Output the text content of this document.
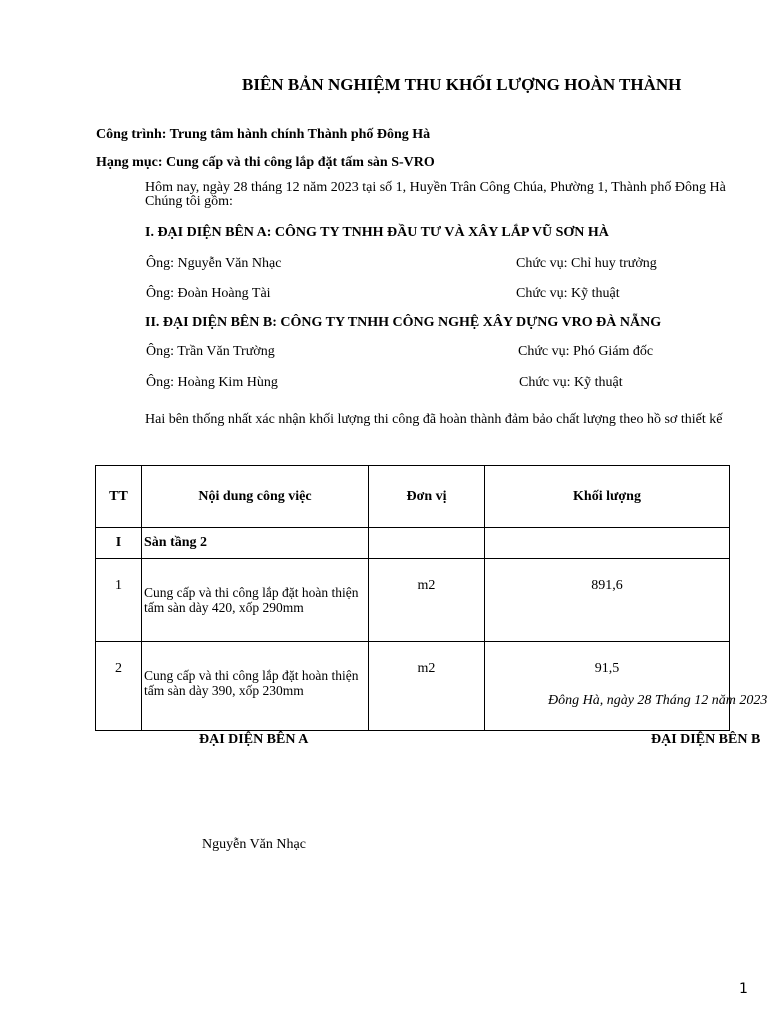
BIÊN BẢN NGHIỆM THU KHỐI LƯỢNG HOÀN THÀNH
Công trình: Trung tâm hành chính Thành phố Đông Hà
Hạng mục: Cung cấp và thi công lắp đặt tấm sàn S-VRO
Hôm nay, ngày 28 tháng 12 năm 2023 tại số 1, Huyền Trân Công Chúa, Phường 1, Thành phố Đông Hà
Chúng tôi gồm:
I. ĐẠI DIỆN BÊN A: CÔNG TY TNHH ĐẦU TƯ VÀ XÂY LẮP VŨ SƠN HÀ
Ông: Nguyễn Văn Nhạc	Chức vụ: Chỉ huy trưởng
Ông: Đoàn Hoàng Tài	Chức vụ: Kỹ thuật
II. ĐẠI DIỆN BÊN B: CÔNG TY TNHH CÔNG NGHỆ XÂY DỰNG VRO ĐÀ NẴNG
Ông: Trần Văn Trường	Chức vụ: Phó Giám đốc
Ông: Hoàng Kim Hùng	Chức vụ: Kỹ thuật
Hai bên thống nhất xác nhận khối lượng thi công đã hoàn thành đảm bảo chất lượng theo hồ sơ thiết kế
TT	Nội dung công việc	Đơn vị	Khối lượng
I	Sàn tầng 2		
1	Cung cấp và thi công lắp đặt hoàn thiện tấm sàn dày 420, xốp 290mm	m2	891,6
2	Cung cấp và thi công lắp đặt hoàn thiện tấm sàn dày 390, xốp 230mm	m2	91,5
Đông Hà, ngày 28 Tháng 12 năm 2023
ĐẠI DIỆN BÊN A	ĐẠI DIỆN BÊN B
Nguyễn Văn Nhạc
1
